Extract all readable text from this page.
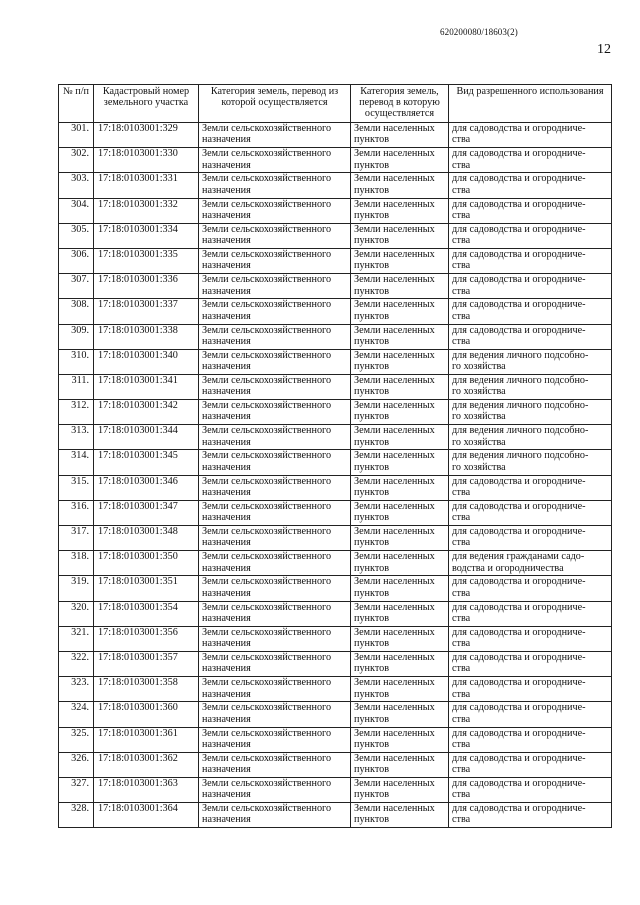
620200080/18603(2)
12
№ п/п	Кадастровый номер земельного участка	Категория земель, перевод из которой осуществляется	Категория земель, перевод в которую осуществляется	Вид разрешенного использования
301.	17:18:0103001:329	Земли сельскохозяйственного
назначения	Земли населенных
пунктов	для садоводства и огородниче-
ства
302.	17:18:0103001:330	Земли сельскохозяйственного
назначения	Земли населенных
пунктов	для садоводства и огородниче-
ства
303.	17:18:0103001:331	Земли сельскохозяйственного
назначения	Земли населенных
пунктов	для садоводства и огородниче-
ства
304.	17:18:0103001:332	Земли сельскохозяйственного
назначения	Земли населенных
пунктов	для садоводства и огородниче-
ства
305.	17:18:0103001:334	Земли сельскохозяйственного
назначения	Земли населенных
пунктов	для садоводства и огородниче-
ства
306.	17:18:0103001:335	Земли сельскохозяйственного
назначения	Земли населенных
пунктов	для садоводства и огородниче-
ства
307.	17:18:0103001:336	Земли сельскохозяйственного
назначения	Земли населенных
пунктов	для садоводства и огородниче-
ства
308.	17:18:0103001:337	Земли сельскохозяйственного
назначения	Земли населенных
пунктов	для садоводства и огородниче-
ства
309.	17:18:0103001:338	Земли сельскохозяйственного
назначения	Земли населенных
пунктов	для садоводства и огородниче-
ства
310.	17:18:0103001:340	Земли сельскохозяйственного
назначения	Земли населенных
пунктов	для ведения личного подсобно-
го хозяйства
311.	17:18:0103001:341	Земли сельскохозяйственного
назначения	Земли населенных
пунктов	для ведения личного подсобно-
го хозяйства
312.	17:18:0103001:342	Земли сельскохозяйственного
назначения	Земли населенных
пунктов	для ведения личного подсобно-
го хозяйства
313.	17:18:0103001:344	Земли сельскохозяйственного
назначения	Земли населенных
пунктов	для ведения личного подсобно-
го хозяйства
314.	17:18:0103001:345	Земли сельскохозяйственного
назначения	Земли населенных
пунктов	для ведения личного подсобно-
го хозяйства
315.	17:18:0103001:346	Земли сельскохозяйственного
назначения	Земли населенных
пунктов	для садоводства и огородниче-
ства
316.	17:18:0103001:347	Земли сельскохозяйственного
назначения	Земли населенных
пунктов	для садоводства и огородниче-
ства
317.	17:18:0103001:348	Земли сельскохозяйственного
назначения	Земли населенных
пунктов	для садоводства и огородниче-
ства
318.	17:18:0103001:350	Земли сельскохозяйственного
назначения	Земли населенных
пунктов	для ведения гражданами садо-
водства и огородничества
319.	17:18:0103001:351	Земли сельскохозяйственного
назначения	Земли населенных
пунктов	для садоводства и огородниче-
ства
320.	17:18:0103001:354	Земли сельскохозяйственного
назначения	Земли населенных
пунктов	для садоводства и огородниче-
ства
321.	17:18:0103001:356	Земли сельскохозяйственного
назначения	Земли населенных
пунктов	для садоводства и огородниче-
ства
322.	17:18:0103001:357	Земли сельскохозяйственного
назначения	Земли населенных
пунктов	для садоводства и огородниче-
ства
323.	17:18:0103001:358	Земли сельскохозяйственного
назначения	Земли населенных
пунктов	для садоводства и огородниче-
ства
324.	17:18:0103001:360	Земли сельскохозяйственного
назначения	Земли населенных
пунктов	для садоводства и огородниче-
ства
325.	17:18:0103001:361	Земли сельскохозяйственного
назначения	Земли населенных
пунктов	для садоводства и огородниче-
ства
326.	17:18:0103001:362	Земли сельскохозяйственного
назначения	Земли населенных
пунктов	для садоводства и огородниче-
ства
327.	17:18:0103001:363	Земли сельскохозяйственного
назначения	Земли населенных
пунктов	для садоводства и огородниче-
ства
328.	17:18:0103001:364	Земли сельскохозяйственного
назначения	Земли населенных
пунктов	для садоводства и огородниче-
ства
